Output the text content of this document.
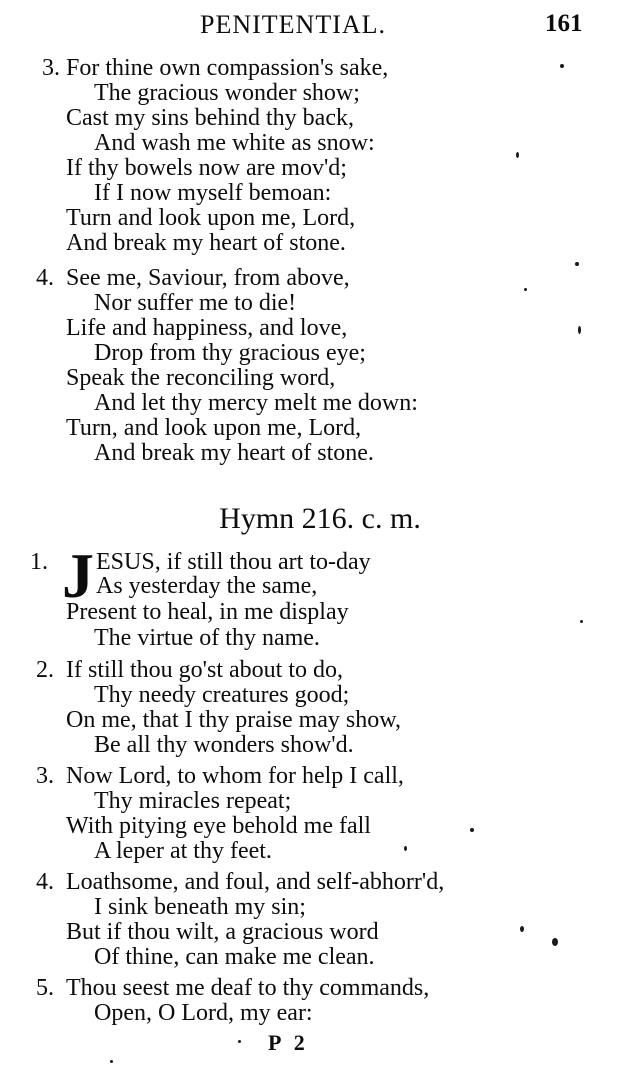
PENITENTIAL.	161
3. For thine own compassion's sake,
The gracious wonder show;
Cast my sins behind thy back,
And wash me white as snow:
If thy bowels now are mov'd;
If I now myself bemoan:
Turn and look upon me, Lord,
And break my heart of stone.
4. See me, Saviour, from above,
Nor suffer me to die!
Life and happiness, and love,
Drop from thy gracious eye;
Speak the reconciling word,
And let thy mercy melt me down:
Turn, and look upon me, Lord,
And break my heart of stone.
Hymn 216. c. m.
J
1. ESUS, if still thou art to-day
As yesterday the same,
Present to heal, in me display
The virtue of thy name.
2. If still thou go'st about to do,
Thy needy creatures good;
On me, that I thy praise may show,
Be all thy wonders show'd.
3. Now Lord, to whom for help I call,
Thy miracles repeat;
With pitying eye behold me fall
A leper at thy feet.
4. Loathsome, and foul, and self-abhorr'd,
I sink beneath my sin;
But if thou wilt, a gracious word
Of thine, can make me clean.
5. Thou seest me deaf to thy commands,
Open, O Lord, my ear:
P 2
